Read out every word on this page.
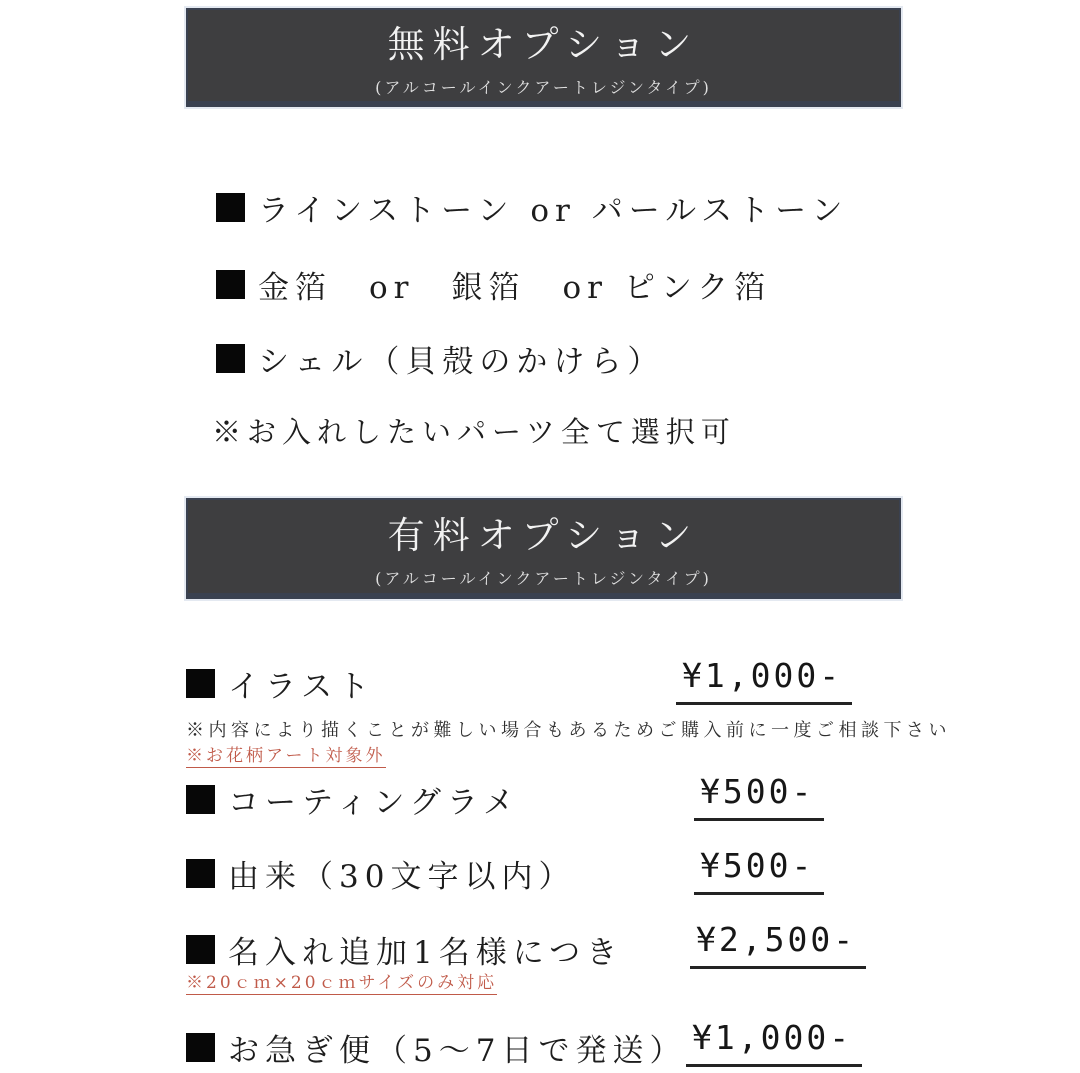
無料オプション
(アルコールインクアートレジンタイプ)
ラインストーン or パールストーン
金箔　or　銀箔　or ピンク箔
シェル（貝殻のかけら）
※お入れしたいパーツ全て選択可
有料オプション
(アルコールインクアートレジンタイプ)
イラスト	¥1,000-
※内容により描くことが難しい場合もあるためご購入前に一度ご相談下さい
※お花柄アート対象外
コーティングラメ	¥500-
由来（30文字以内）	¥500-
名入れ追加1名様につき ¥2,500-
※20ｃｍ×20ｃｍサイズのみ対応
お急ぎ便（5〜7日で発送） ¥1,000-
